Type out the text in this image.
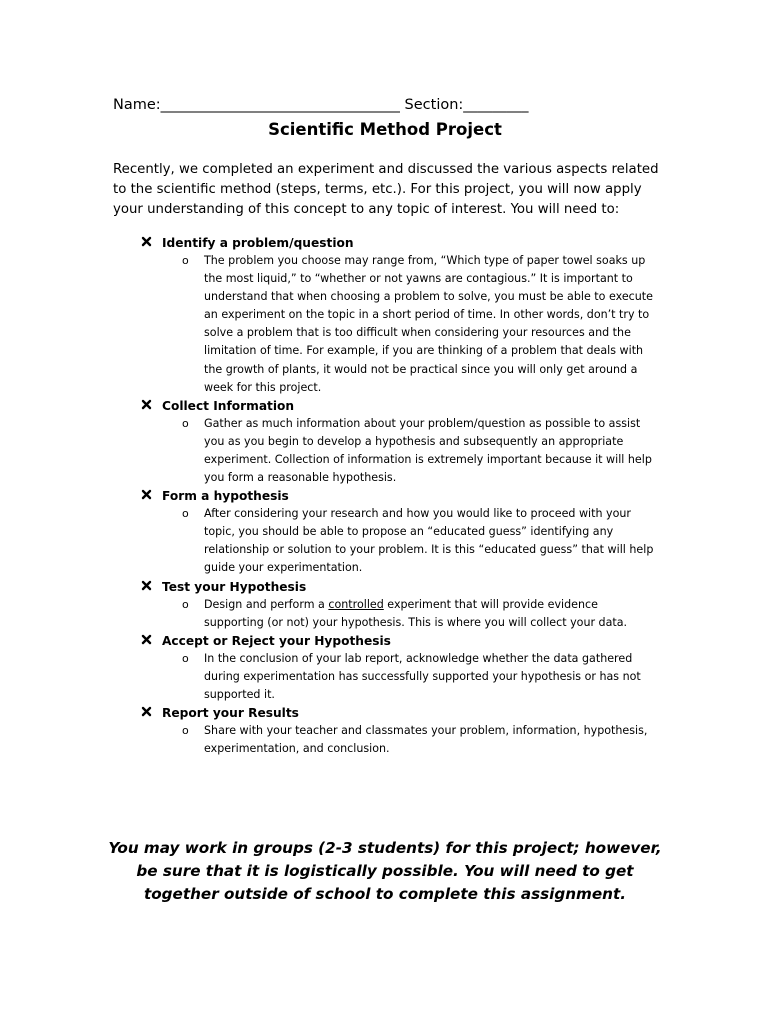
Name:_________________________________ Section:_________
Scientific Method Project
Recently, we completed an experiment and discussed the various aspects related to the scientific method (steps, terms, etc.). For this project, you will now apply your understanding of this concept to any topic of interest. You will need to:
Identify a problem/question
o The problem you choose may range from, “Which type of paper towel soaks up the most liquid,” to “whether or not yawns are contagious.” It is important to understand that when choosing a problem to solve, you must be able to execute an experiment on the topic in a short period of time. In other words, don’t try to solve a problem that is too difficult when considering your resources and the limitation of time. For example, if you are thinking of a problem that deals with the growth of plants, it would not be practical since you will only get around a week for this project.
Collect Information
o Gather as much information about your problem/question as possible to assist you as you begin to develop a hypothesis and subsequently an appropriate experiment. Collection of information is extremely important because it will help you form a reasonable hypothesis.
Form a hypothesis
o After considering your research and how you would like to proceed with your topic, you should be able to propose an “educated guess” identifying any relationship or solution to your problem. It is this “educated guess” that will help guide your experimentation.
Test your Hypothesis
o Design and perform a controlled experiment that will provide evidence supporting (or not) your hypothesis. This is where you will collect your data.
Accept or Reject your Hypothesis
o In the conclusion of your lab report, acknowledge whether the data gathered during experimentation has successfully supported your hypothesis or has not supported it.
Report your Results
o Share with your teacher and classmates your problem, information, hypothesis, experimentation, and conclusion.
You may work in groups (2-3 students) for this project; however, be sure that it is logistically possible. You will need to get together outside of school to complete this assignment.
